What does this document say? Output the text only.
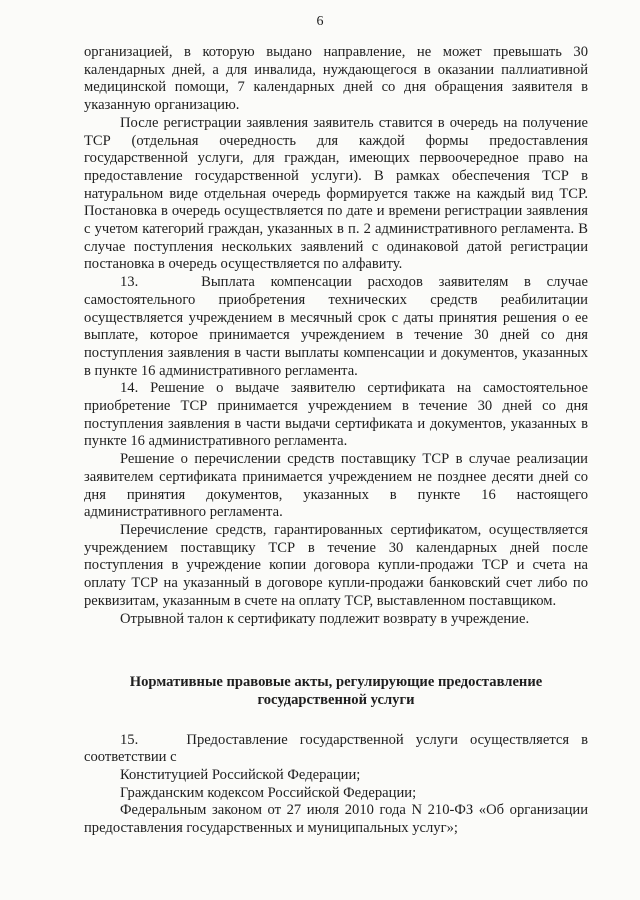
6

организацией, в которую выдано направление, не может превышать 30 календарных дней, а для инвалида, нуждающегося в оказании паллиативной медицинской помощи, 7 календарных дней со дня обращения заявителя в указанную организацию.

После регистрации заявления заявитель ставится в очередь на получение ТСР (отдельная очередность для каждой формы предоставления государственной услуги, для граждан, имеющих первоочередное право на предоставление государственной услуги). В рамках обеспечения ТСР в натуральном виде отдельная очередь формируется также на каждый вид ТСР. Постановка в очередь осуществляется по дате и времени регистрации заявления с учетом категорий граждан, указанных в п. 2 административного регламента. В случае поступления нескольких заявлений с одинаковой датой регистрации постановка в очередь осуществляется по алфавиту.

13.    Выплата компенсации расходов заявителям в случае самостоятельного приобретения технических средств реабилитации осуществляется учреждением в месячный срок с даты принятия решения о ее выплате, которое принимается учреждением в течение 30 дней со дня поступления заявления в части выплаты компенсации и документов, указанных в пункте 16 административного регламента.

14. Решение о выдаче заявителю сертификата на самостоятельное приобретение ТСР принимается учреждением в течение 30 дней со дня поступления заявления в части выдачи сертификата и документов, указанных в пункте 16 административного регламента.

Решение о перечислении средств поставщику ТСР в случае реализации заявителем сертификата принимается учреждением не позднее десяти дней со дня принятия документов, указанных в пункте 16 настоящего административного регламента.

Перечисление средств, гарантированных сертификатом, осуществляется учреждением поставщику ТСР в течение 30 календарных дней после поступления в учреждение копии договора купли-продажи ТСР и счета на оплату ТСР на указанный в договоре купли-продажи банковский счет либо по реквизитам, указанным в счете на оплату ТСР, выставленном поставщиком.

Отрывной талон к сертификату подлежит возврату в учреждение.

Нормативные правовые акты, регулирующие предоставление
государственной услуги

15.    Предоставление государственной услуги осуществляется в соответствии с

Конституцией Российской Федерации;

Гражданским кодексом Российской Федерации;

Федеральным законом от 27 июля 2010 года N 210-ФЗ «Об организации предоставления государственных и муниципальных услуг»;
